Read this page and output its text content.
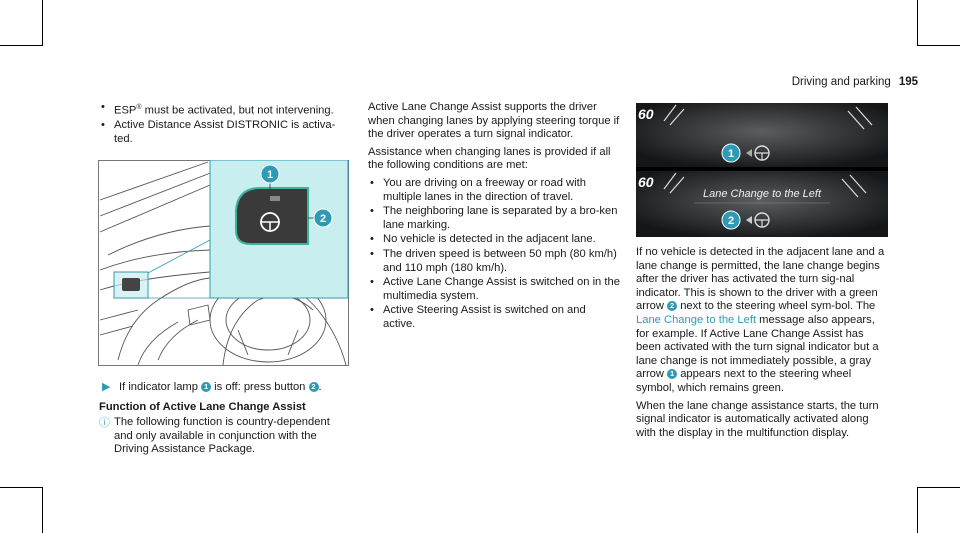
Driving and parking 195
• ESP® must be activated, but not intervening.
• Active Distance Assist DISTRONIC is activa-ted.
1
2
▶ If indicator lamp 1 is off: press button 2 .
Function of Active Lane Change Assist
ⓘ The following function is country-dependent and only available in conjunction with the Driving Assistance Package.

Active Lane Change Assist supports the driver when changing lanes by applying steering torque if the driver operates a turn signal indicator.

Assistance when changing lanes is provided if all the following conditions are met:

• You are driving on a freeway or road with multiple lanes in the direction of travel.
• The neighboring lane is separated by a bro-ken lane marking.
• No vehicle is detected in the adjacent lane.
• The driven speed is between 50 mph (80 km/h) and 110 mph (180 km/h).
• Active Lane Change Assist is switched on in the multimedia system.
• Active Steering Assist is switched on and active.
60
60
1
Lane Change to the Left
2

If no vehicle is detected in the adjacent lane and a lane change is permitted, the lane change begins after the driver has activated the turn sig-nal indicator. This is shown to the driver with a green arrow 2 next to the steering wheel sym-bol. The Lane Change to the Left message also appears, for example. If Active Lane Change Assist has been activated with the turn signal indicator but a lane change is not immediately possible, a gray arrow 1 appears next to the steering wheel symbol, which remains green.

When the lane change assistance starts, the turn signal indicator is automatically activated along with the display in the multifunction display.
